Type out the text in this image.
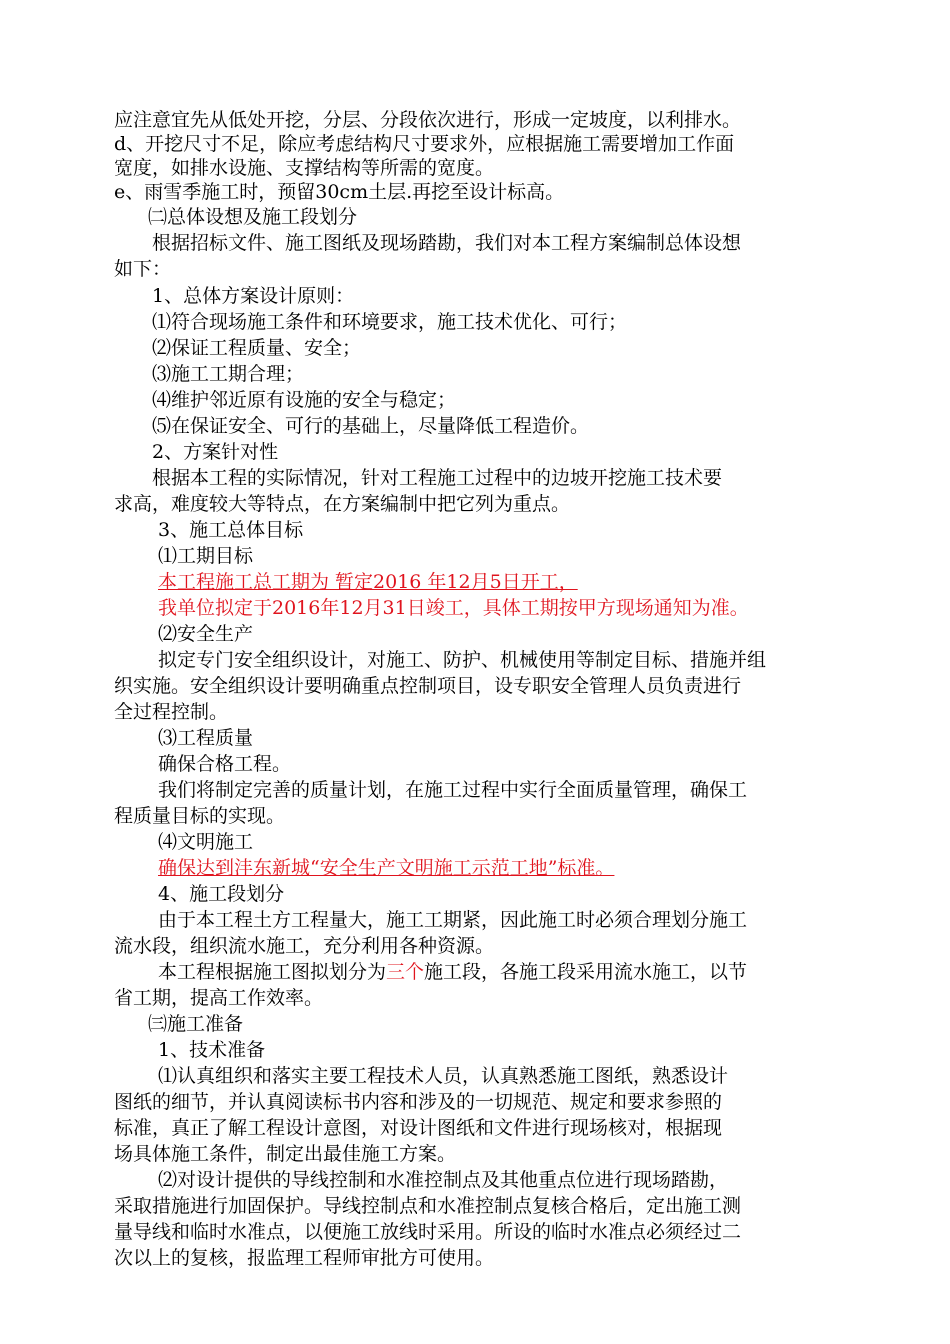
应注意宜先从低处开挖，分层、分段依次进行，形成一定坡度，以利排水。
d、开挖尺寸不足，除应考虑结构尺寸要求外，应根据施工需要增加工作面
宽度，如排水设施、支撑结构等所需的宽度。
e、雨雪季施工时，预留30cm土层.再挖至设计标高。
㈡总体设想及施工段划分
根据招标文件、施工图纸及现场踏勘，我们对本工程方案编制总体设想
如下：
1、总体方案设计原则：
⑴符合现场施工条件和环境要求，施工技术优化、可行；
⑵保证工程质量、安全；
⑶施工工期合理；
⑷维护邻近原有设施的安全与稳定；
⑸在保证安全、可行的基础上，尽量降低工程造价。
2、方案针对性
根据本工程的实际情况，针对工程施工过程中的边坡开挖施工技术要
求高，难度较大等特点，在方案编制中把它列为重点。
3、施工总体目标
⑴工期目标
本工程施工总工期为 暂定2016 年12月5日开工，
我单位拟定于2016年12月31日竣工，具体工期按甲方现场通知为准。
⑵安全生产
拟定专门安全组织设计，对施工、防护、机械使用等制定目标、措施并组
织实施。安全组织设计要明确重点控制项目，设专职安全管理人员负责进行
全过程控制。
⑶工程质量
确保合格工程。
我们将制定完善的质量计划，在施工过程中实行全面质量管理，确保工
程质量目标的实现。
⑷文明施工
确保达到沣东新城“安全生产文明施工示范工地”标准。
4、施工段划分
由于本工程土方工程量大，施工工期紧，因此施工时必须合理划分施工
流水段，组织流水施工，充分利用各种资源。
本工程根据施工图拟划分为三个施工段，各施工段采用流水施工，以节
省工期，提高工作效率。
㈢施工准备
1、技术准备
⑴认真组织和落实主要工程技术人员，认真熟悉施工图纸，熟悉设计
图纸的细节，并认真阅读标书内容和涉及的一切规范、规定和要求参照的
标准，真正了解工程设计意图，对设计图纸和文件进行现场核对，根据现
场具体施工条件，制定出最佳施工方案。
⑵对设计提供的导线控制和水准控制点及其他重点位进行现场踏勘，
采取措施进行加固保护。导线控制点和水准控制点复核合格后，定出施工测
量导线和临时水准点，以便施工放线时采用。所设的临时水准点必须经过二
次以上的复核，报监理工程师审批方可使用。
